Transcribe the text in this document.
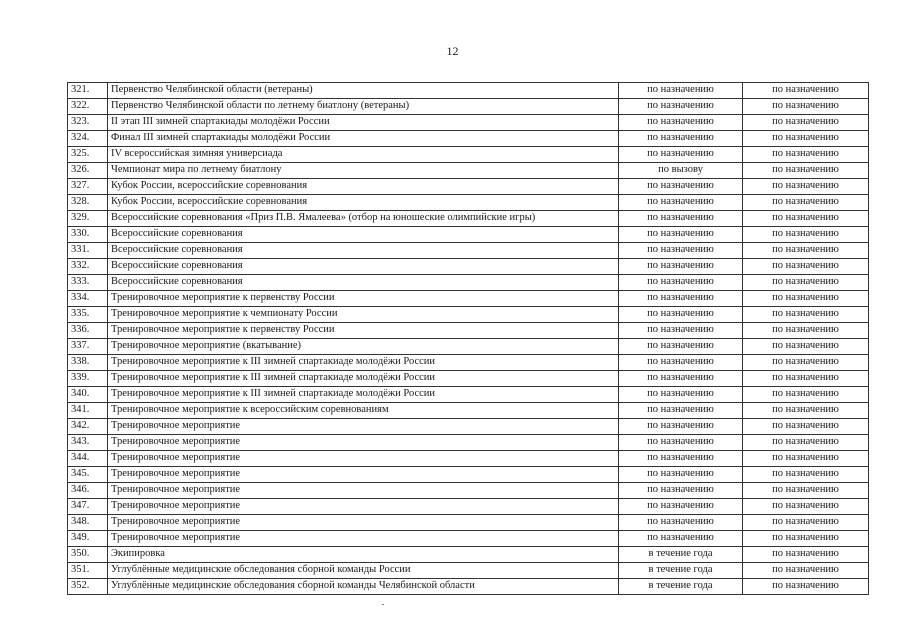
12
321.	Первенство Челябинской области (ветераны)	по назначению	по назначению
322.	Первенство Челябинской области по летнему биатлону (ветераны)	по назначению	по назначению
323.	II этап III зимней спартакиады молодёжи России	по назначению	по назначению
324.	Финал III зимней спартакиады молодёжи России	по назначению	по назначению
325.	IV всероссийская зимняя универсиада	по назначению	по назначению
326.	Чемпионат мира по летнему биатлону	по вызову	по назначению
327.	Кубок России, всероссийские соревнования	по назначению	по назначению
328.	Кубок России, всероссийские соревнования	по назначению	по назначению
329.	Всероссийские соревнования «Приз П.В. Ямалеева» (отбор на юношеские олимпийские игры)	по назначению	по назначению
330.	Всероссийские соревнования	по назначению	по назначению
331.	Всероссийские соревнования	по назначению	по назначению
332.	Всероссийские соревнования	по назначению	по назначению
333.	Всероссийские соревнования	по назначению	по назначению
334.	Тренировочное мероприятие к первенству России	по назначению	по назначению
335.	Тренировочное мероприятие к чемпионату России	по назначению	по назначению
336.	Тренировочное мероприятие к первенству России	по назначению	по назначению
337.	Тренировочное мероприятие (вкатывание)	по назначению	по назначению
338.	Тренировочное мероприятие к III зимней спартакиаде молодёжи России	по назначению	по назначению
339.	Тренировочное мероприятие к III зимней спартакиаде молодёжи России	по назначению	по назначению
340.	Тренировочное мероприятие к III зимней спартакиаде молодёжи России	по назначению	по назначению
341.	Тренировочное мероприятие к всероссийским соревнованиям	по назначению	по назначению
342.	Тренировочное мероприятие	по назначению	по назначению
343.	Тренировочное мероприятие	по назначению	по назначению
344.	Тренировочное мероприятие	по назначению	по назначению
345.	Тренировочное мероприятие	по назначению	по назначению
346.	Тренировочное мероприятие	по назначению	по назначению
347.	Тренировочное мероприятие	по назначению	по назначению
348.	Тренировочное мероприятие	по назначению	по назначению
349.	Тренировочное мероприятие	по назначению	по назначению
350.	Экипировка	в течение года	по назначению
351.	Углублённые медицинские обследования сборной команды России	в течение года	по назначению
352.	Углублённые медицинские обследования сборной команды Челябинской области	в течение года	по назначению
